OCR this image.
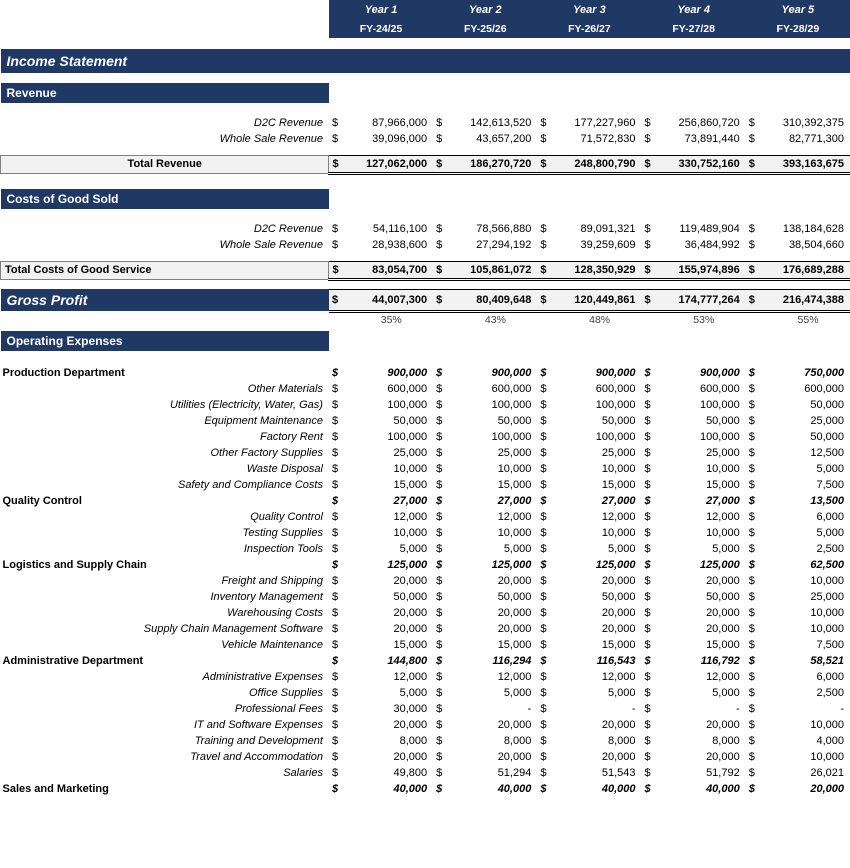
	Year 1		Year 2		Year 3		Year 4		Year 5	
	FY-24/25		FY-25/26		FY-26/27		FY-27/28		FY-28/29	

Income Statement										

Revenue										

D2C Revenue	$	87,966,000	$	142,613,520	$	177,227,960	$	256,860,720	$	310,392,375
Whole Sale Revenue	$	39,096,000	$	43,657,200	$	71,572,830	$	73,891,440	$	82,771,300

Total Revenue	$	127,062,000	$	186,270,720	$	248,800,790	$	330,752,160	$	393,163,675

Costs of Good Sold										

D2C Revenue	$	54,116,100	$	78,566,880	$	89,091,321	$	119,489,904	$	138,184,628
Whole Sale Revenue	$	28,938,600	$	27,294,192	$	39,259,609	$	36,484,992	$	38,504,660

Total Costs of Good Service	$	83,054,700	$	105,861,072	$	128,350,929	$	155,974,896	$	176,689,288

Gross Profit	$	44,007,300	$	80,409,648	$	120,449,861	$	174,777,264	$	216,474,388
		35%		43%		48%		53%		55%

Operating Expenses										

Production Department	$	900,000	$	900,000	$	900,000	$	900,000	$	750,000
Other Materials	$	600,000	$	600,000	$	600,000	$	600,000	$	600,000
Utilities (Electricity, Water, Gas)	$	100,000	$	100,000	$	100,000	$	100,000	$	50,000
Equipment Maintenance	$	50,000	$	50,000	$	50,000	$	50,000	$	25,000
Factory Rent	$	100,000	$	100,000	$	100,000	$	100,000	$	50,000
Other Factory Supplies	$	25,000	$	25,000	$	25,000	$	25,000	$	12,500
Waste Disposal	$	10,000	$	10,000	$	10,000	$	10,000	$	5,000
Safety and Compliance Costs	$	15,000	$	15,000	$	15,000	$	15,000	$	7,500
Quality Control	$	27,000	$	27,000	$	27,000	$	27,000	$	13,500
Quality Control	$	12,000	$	12,000	$	12,000	$	12,000	$	6,000
Testing Supplies	$	10,000	$	10,000	$	10,000	$	10,000	$	5,000
Inspection Tools	$	5,000	$	5,000	$	5,000	$	5,000	$	2,500
Logistics and Supply Chain	$	125,000	$	125,000	$	125,000	$	125,000	$	62,500
Freight and Shipping	$	20,000	$	20,000	$	20,000	$	20,000	$	10,000
Inventory Management	$	50,000	$	50,000	$	50,000	$	50,000	$	25,000
Warehousing Costs	$	20,000	$	20,000	$	20,000	$	20,000	$	10,000
Supply Chain Management Software	$	20,000	$	20,000	$	20,000	$	20,000	$	10,000
Vehicle Maintenance	$	15,000	$	15,000	$	15,000	$	15,000	$	7,500
Administrative Department	$	144,800	$	116,294	$	116,543	$	116,792	$	58,521
Administrative Expenses	$	12,000	$	12,000	$	12,000	$	12,000	$	6,000
Office Supplies	$	5,000	$	5,000	$	5,000	$	5,000	$	2,500
Professional Fees	$	30,000	$	-	$	-	$	-	$	-
IT and Software Expenses	$	20,000	$	20,000	$	20,000	$	20,000	$	10,000
Training and Development	$	8,000	$	8,000	$	8,000	$	8,000	$	4,000
Travel and Accommodation	$	20,000	$	20,000	$	20,000	$	20,000	$	10,000
Salaries	$	49,800	$	51,294	$	51,543	$	51,792	$	26,021
Sales and Marketing	$	40,000	$	40,000	$	40,000	$	40,000	$	20,000
